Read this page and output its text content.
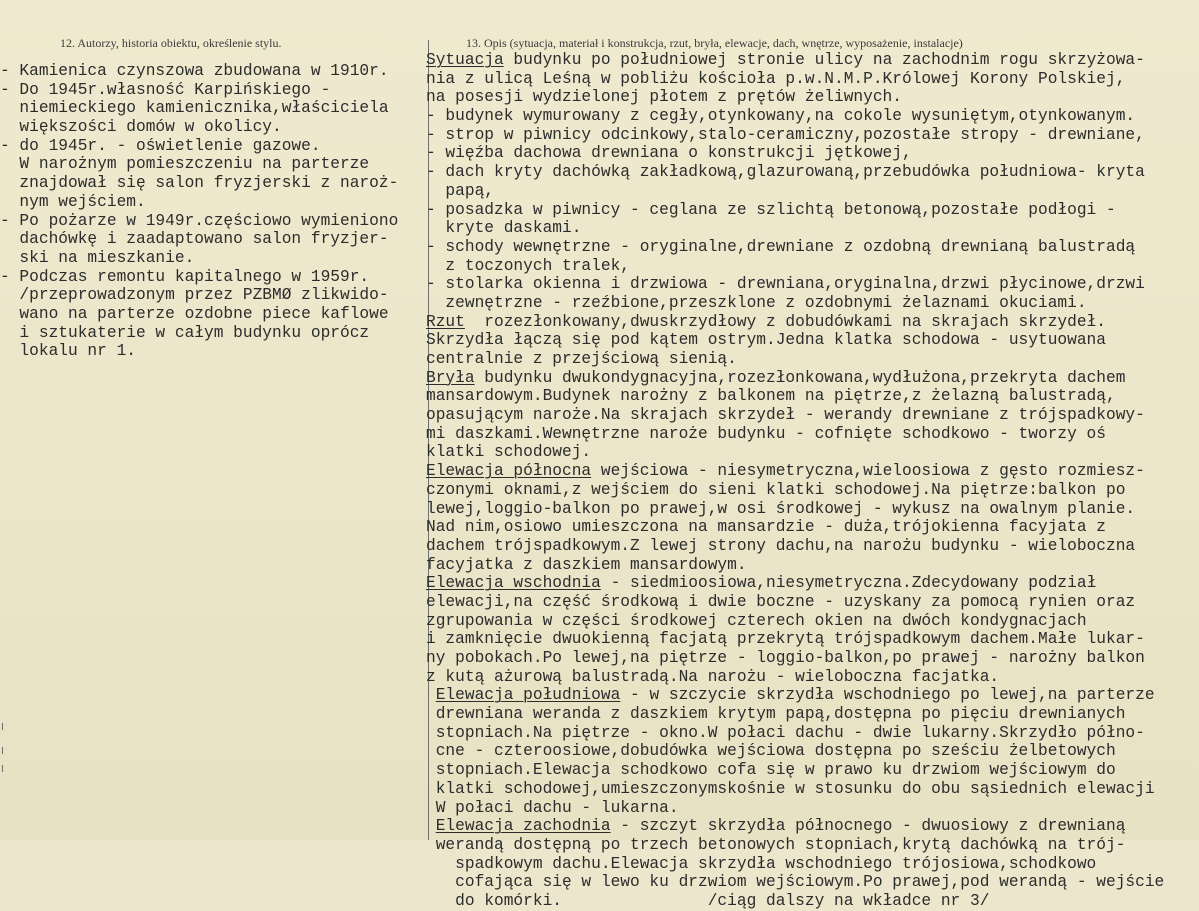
12. Autorzy, historia obiektu, określenie stylu.	13. Opis (sytuacja, materiał i konstrukcja, rzut, bryła, elewacje, dach, wnętrze, wyposażenie, instalacje)
- Kamienica czynszowa zbudowana w 1910r.
- Do 1945r.własność Karpińskiego -
niemieckiego kamienicznika,właściciela
większości domów w okolicy.
- do 1945r. - oświetlenie gazowe.
W narożnym pomieszczeniu na parterze
znajdował się salon fryzjerski z naroż-
nym wejściem.
- Po pożarze w 1949r.częściowo wymieniono
dachówkę i zaadaptowano salon fryzjer-
ski na mieszkanie.
- Podczas remontu kapitalnego w 1959r.
/przeprowadzonym przez PZBMØ zlikwido-
wano na parterze ozdobne piece kaflowe
i sztukaterie w całym budynku oprócz
lokalu nr 1.
Sytuacja budynku po południowej stronie ulicy na zachodnim rogu skrzyżowa-
nia z ulicą Leśną w pobliżu kościoła p.w.N.M.P.Królowej Korony Polskiej,
na posesji wydzielonej płotem z prętów żeliwnych.
- budynek wymurowany z cegły,otynkowany,na cokole wysuniętym,otynkowanym.
- strop w piwnicy odcinkowy,stalo-ceramiczny,pozostałe stropy - drewniane,
- więźba dachowa drewniana o konstrukcji jętkowej,
- dach kryty dachówką zakładkową,glazurowaną,przebudówka południowa- kryta
papą,
- posadzka w piwnicy - ceglana ze szlichtą betonową,pozostałe podłogi -
kryte daskami.
- schody wewnętrzne - oryginalne,drewniane z ozdobną drewnianą balustradą
z toczonych tralek,
- stolarka okienna i drzwiowa - drewniana,oryginalna,drzwi płycinowe,drzwi
zewnętrzne - rzeźbione,przeszklone z ozdobnymi żelaznami okuciami.
Rzut  rozezłonkowany,dwuskrzydłowy z dobudówkami na skrajach skrzydeł.
Skrzydła łączą się pod kątem ostrym.Jedna klatka schodowa - usytuowana
centralnie z przejściową sienią.
Bryła budynku dwukondygnacyjna,rozezłonkowana,wydłużona,przekryta dachem
mansardowym.Budynek narożny z balkonem na piętrze,z żelazną balustradą,
opasującym naroże.Na skrajach skrzydeł - werandy drewniane z trójspadkowy-
mi daszkami.Wewnętrzne naroże budynku - cofnięte schodkowo - tworzy oś
klatki schodowej.
Elewacja północna wejściowa - niesymetryczna,wieloosiowa z gęsto rozmiesz-
czonymi oknami,z wejściem do sieni klatki schodowej.Na piętrze:balkon po
lewej,loggio-balkon po prawej,w osi środkowej - wykusz na owalnym planie.
Nad nim,osiowo umieszczona na mansardzie - duża,trójokienna facyjata z
dachem trójspadkowym.Z lewej strony dachu,na narożu budynku - wieloboczna
facyjatka z daszkiem mansardowym.
Elewacja wschodnia - siedmioosiowa,niesymetryczna.Zdecydowany podział
elewacji,na część środkową i dwie boczne - uzyskany za pomocą rynien oraz
zgrupowania w części środkowej czterech okien na dwóch kondygnacjach
i zamknięcie dwuokienną facjatą przekrytą trójspadkowym dachem.Małe lukar-
ny pobokach.Po lewej,na piętrze - loggio-balkon,po prawej - narożny balkon
z kutą ażurową balustradą.Na narożu - wieloboczna facjatka.
Elewacja południowa - w szczycie skrzydła wschodniego po lewej,na parterze
drewniana weranda z daszkiem krytym papą,dostępna po pięciu drewnianych
stopniach.Na piętrze - okno.W połaci dachu - dwie lukarny.Skrzydło półno-
cne - czteroosiowe,dobudówka wejściowa dostępna po sześciu żelbetowych
stopniach.Elewacja schodkowo cofa się w prawo ku drzwiom wejściowym do
klatki schodowej,umieszczonymskośnie w stosunku do obu sąsiednich elewacji
W połaci dachu - lukarna.
Elewacja zachodnia - szczyt skrzydła północnego - dwuosiowy z drewnianą
werandą dostępną po trzech betonowych stopniach,krytą dachówką na trój-
spadkowym dachu.Elewacja skrzydła wschodniego trójosiowa,schodkowo
cofająca się w lewo ku drzwiom wejściowym.Po prawej,pod werandą - wejście
do komórki.               /ciąg dalszy na wkładce nr 3/
I
I
I
